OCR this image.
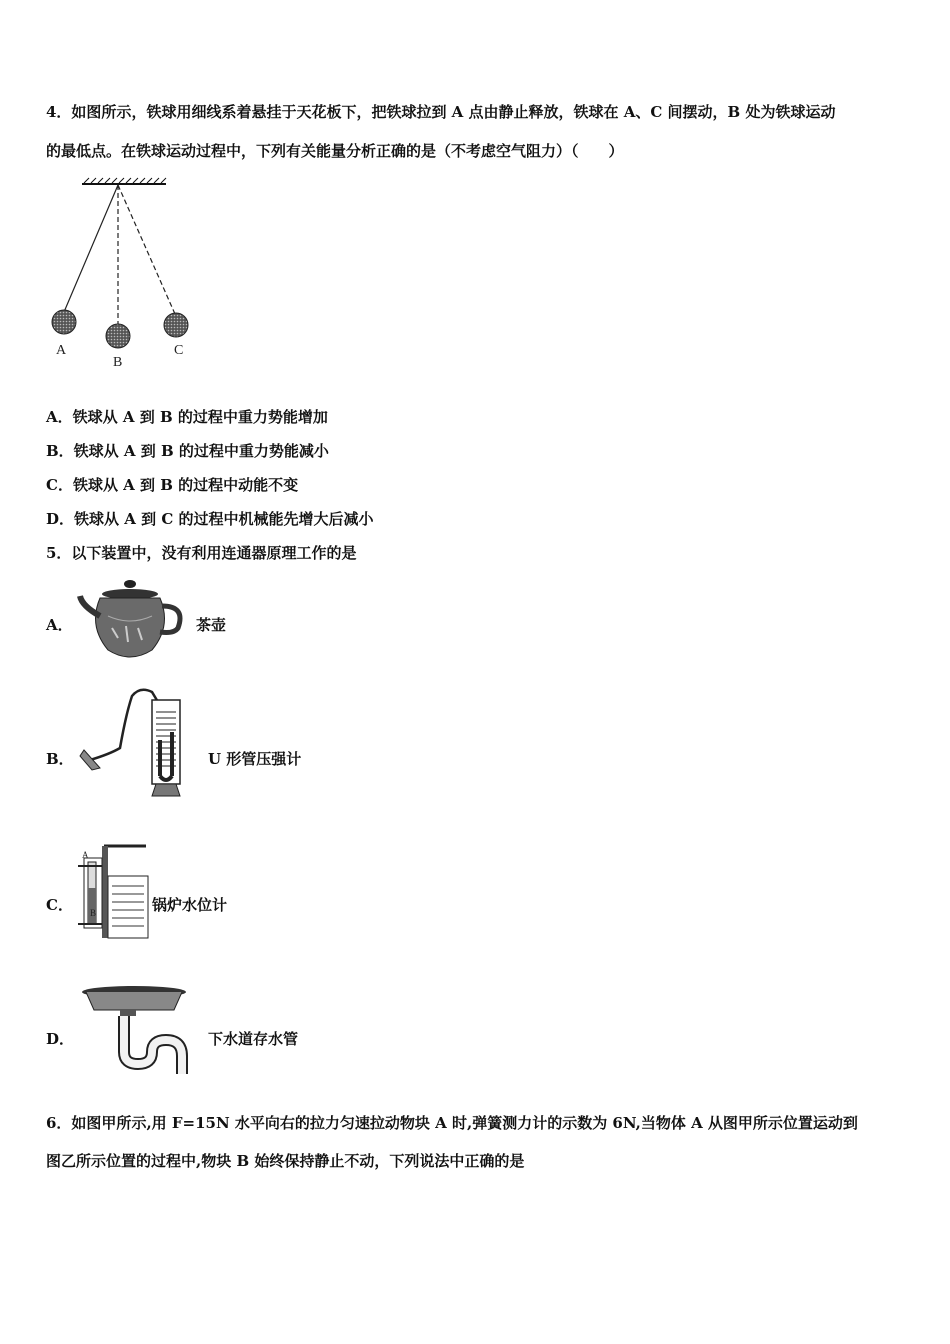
4．如图所示，铁球用细线系着悬挂于天花板下，把铁球拉到 A 点由静止释放，铁球在 A、C 间摆动，B 处为铁球运动
的最低点。在铁球运动过程中，下列有关能量分析正确的是（不考虑空气阻力）（　　）
A
B
C
A．铁球从 A 到 B 的过程中重力势能增加
B．铁球从 A 到 B 的过程中重力势能减小
C．铁球从 A 到 B 的过程中动能不变
D．铁球从 A 到 C 的过程中机械能先增大后减小
5．以下装置中，没有利用连通器原理工作的是
A．	茶壶
B．	U 形管压强计
C．
A
B	锅炉水位计
D．	下水道存水管
6．如图甲所示,用 F=15N 水平向右的拉力匀速拉动物块 A 时,弹簧测力计的示数为 6N,当物体 A 从图甲所示位置运动到
图乙所示位置的过程中,物块 B 始终保持静止不动，下列说法中正确的是
